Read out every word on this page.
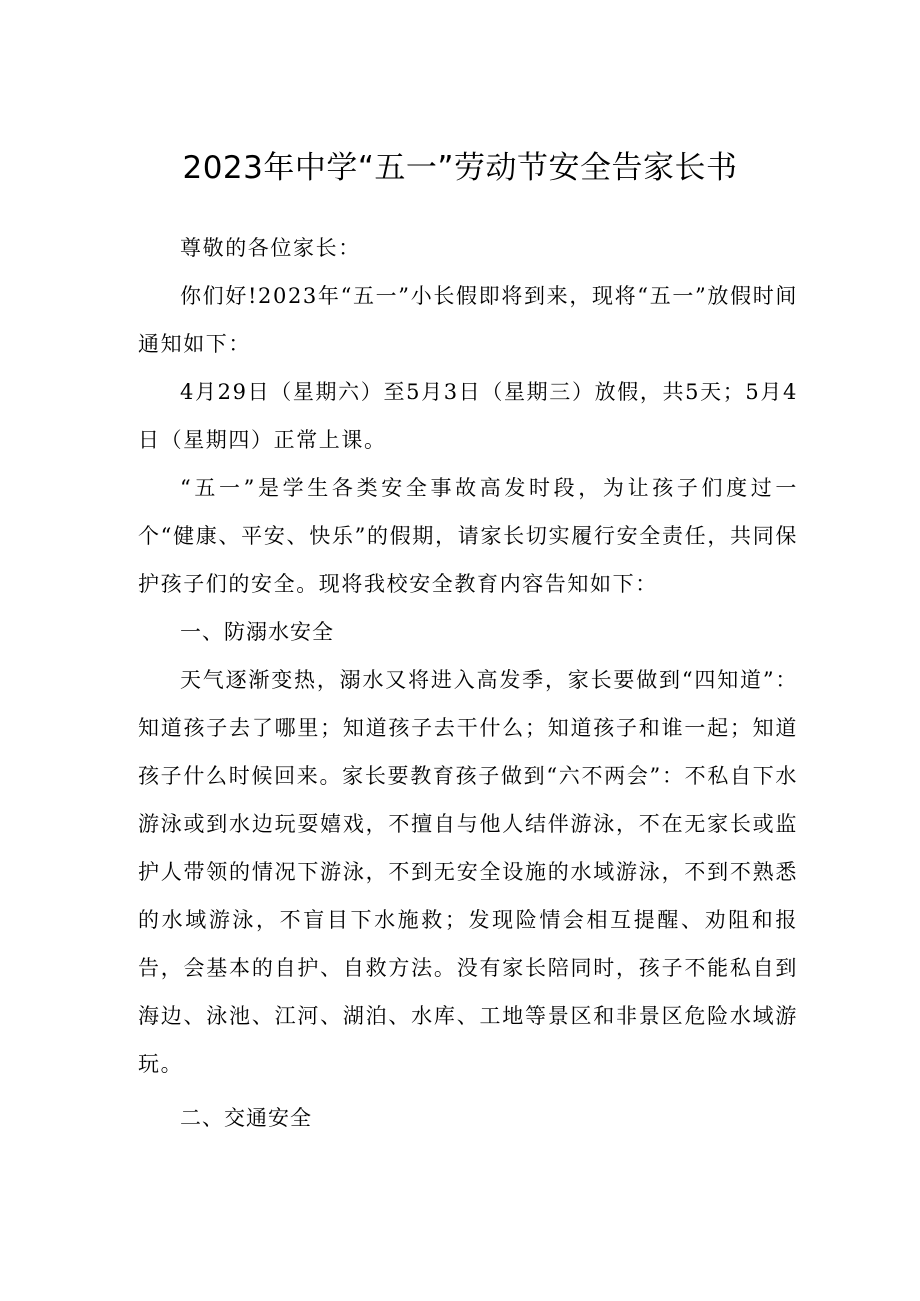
2023年中学“五一”劳动节安全告家长书

尊敬的各位家长：

你们好!2023年“五一”小长假即将到来，现将“五一”放假时间通知如下：

4月29日（星期六）至5月3日（星期三）放假，共5天；5月4日（星期四）正常上课。

“五一”是学生各类安全事故高发时段，为让孩子们度过一个“健康、平安、快乐”的假期，请家长切实履行安全责任，共同保护孩子们的安全。现将我校安全教育内容告知如下：

一、防溺水安全

天气逐渐变热，溺水又将进入高发季，家长要做到“四知道”：知道孩子去了哪里；知道孩子去干什么；知道孩子和谁一起；知道孩子什么时候回来。家长要教育孩子做到“六不两会”：不私自下水游泳或到水边玩耍嬉戏，不擅自与他人结伴游泳，不在无家长或监护人带领的情况下游泳，不到无安全设施的水域游泳，不到不熟悉的水域游泳，不盲目下水施救；发现险情会相互提醒、劝阻和报告，会基本的自护、自救方法。没有家长陪同时，孩子不能私自到海边、泳池、江河、湖泊、水库、工地等景区和非景区危险水域游玩。

二、交通安全
